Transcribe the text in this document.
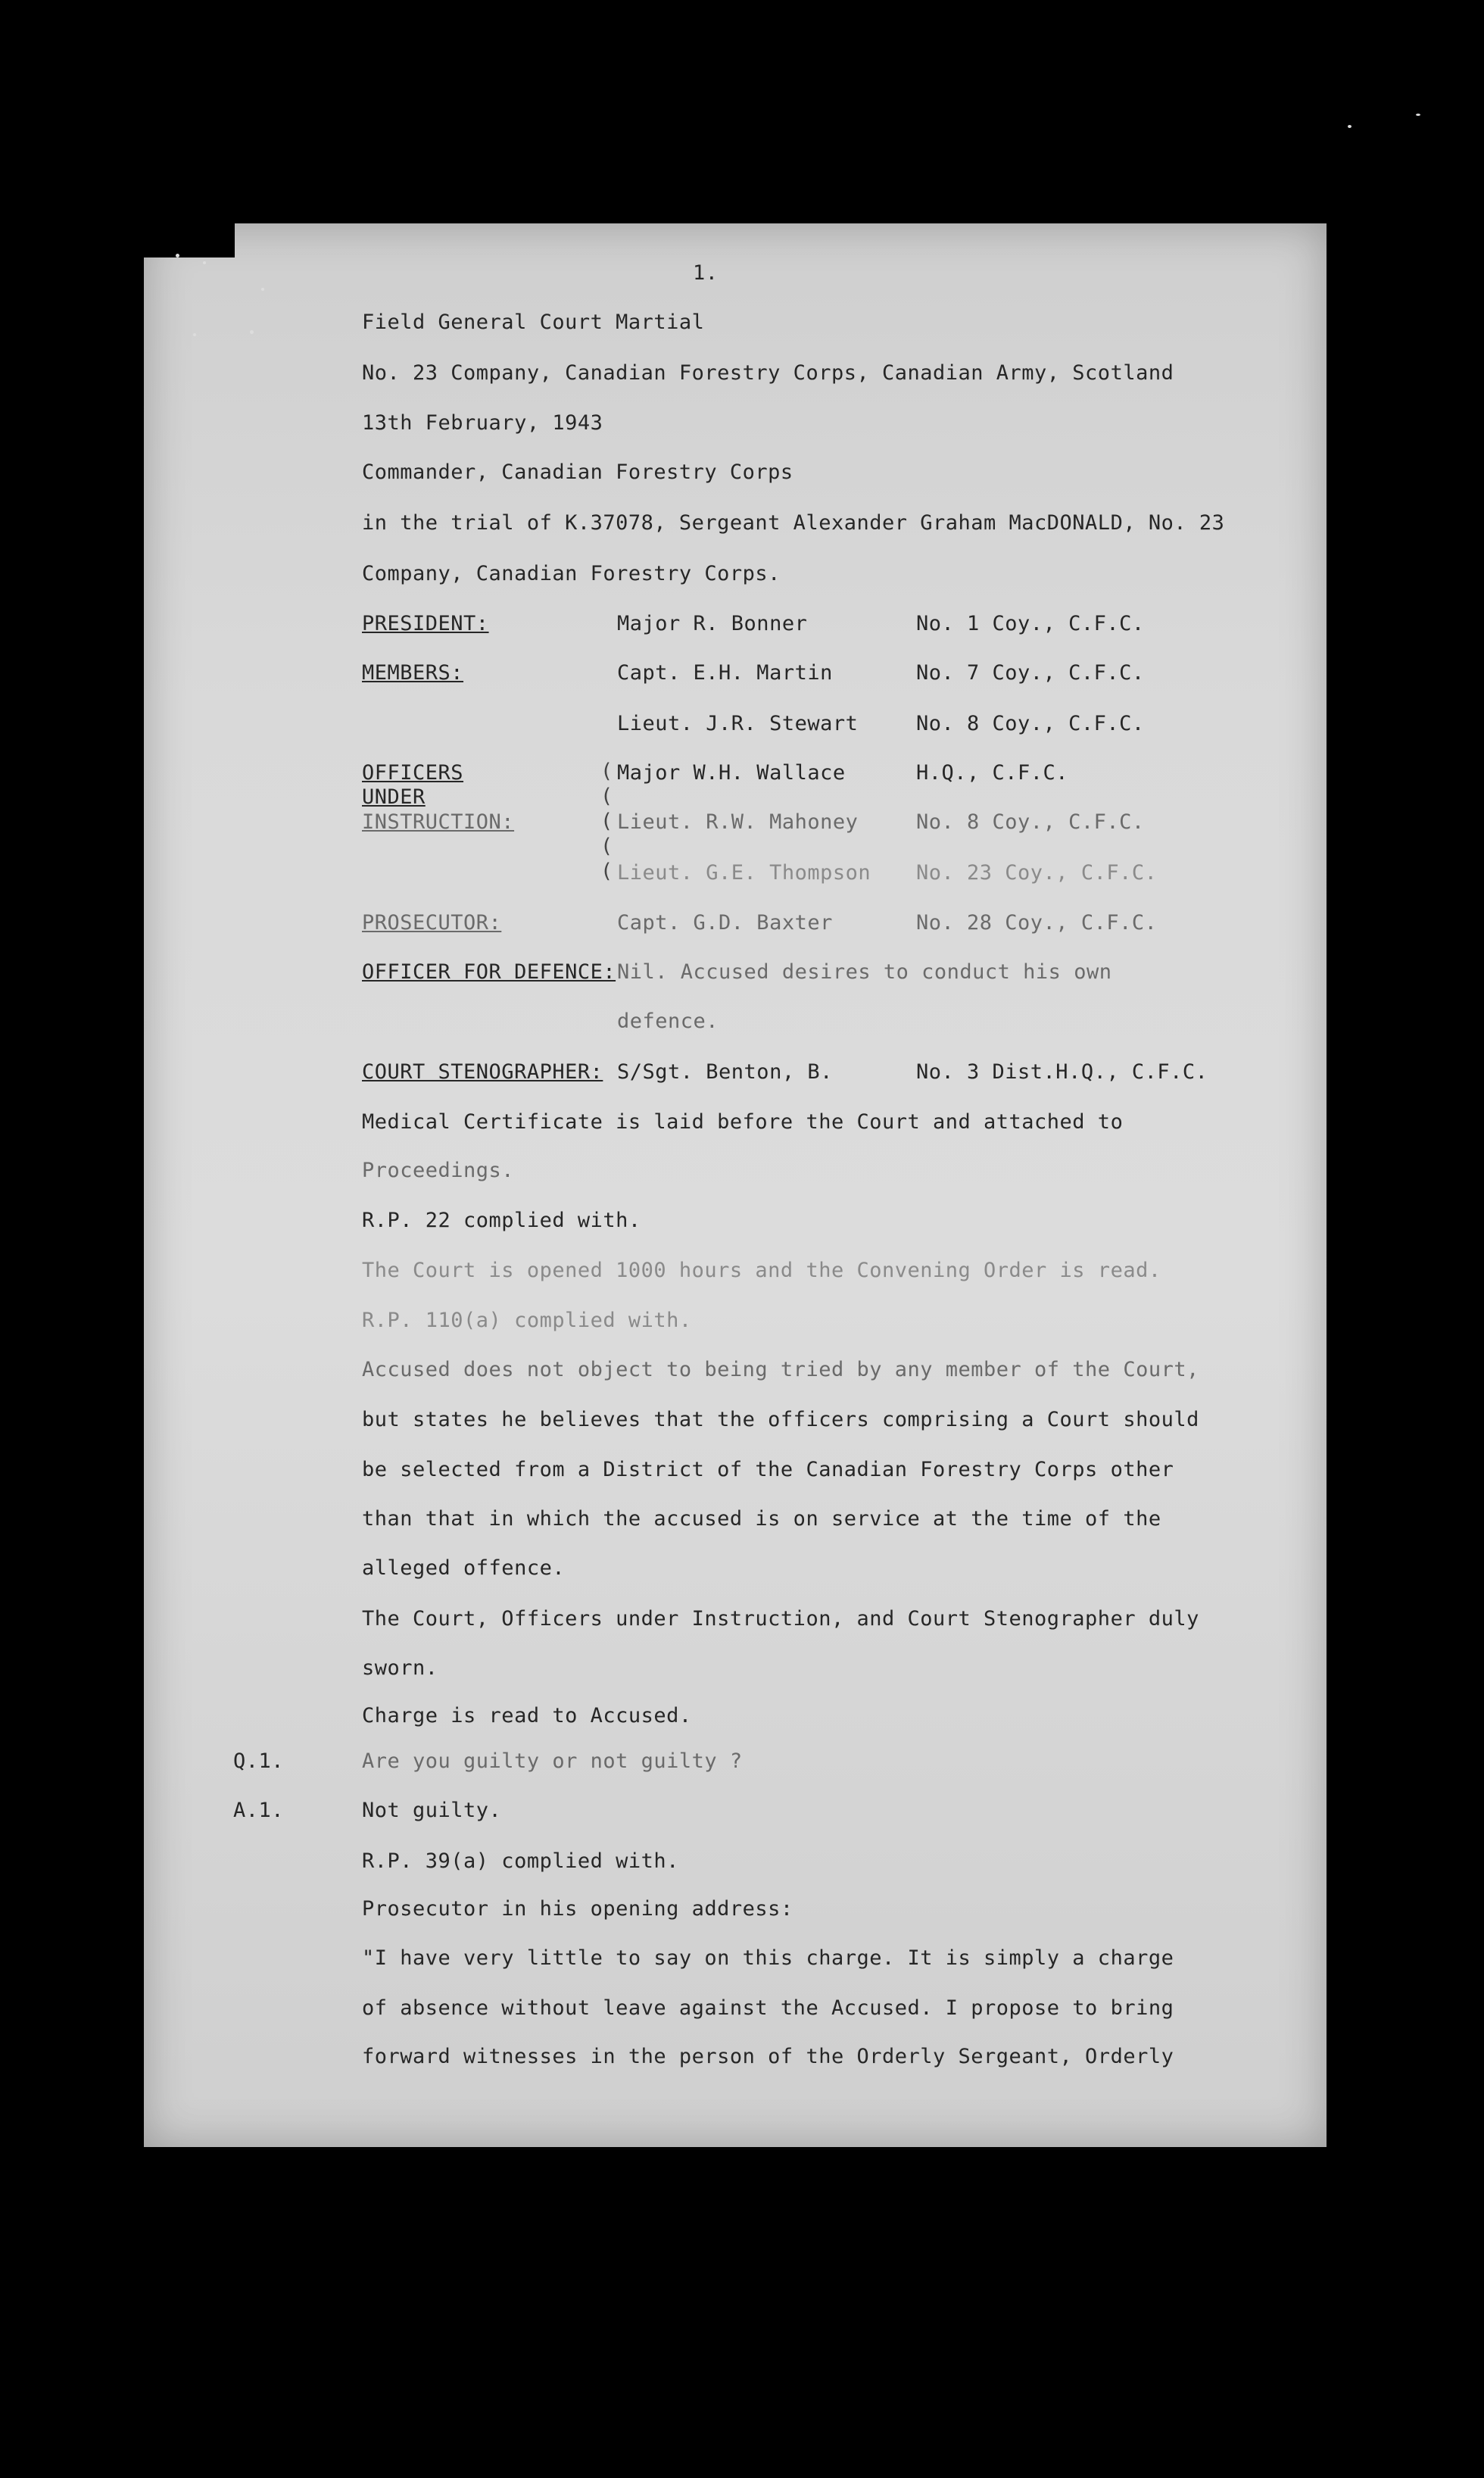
1.
Field General Court Martial
No. 23 Company, Canadian Forestry Corps, Canadian Army, Scotland
13th February, 1943
Commander, Canadian Forestry Corps
in the trial of K.37078, Sergeant Alexander Graham MacDONALD, No. 23
Company, Canadian Forestry Corps.
PRESIDENT:	Major R. Bonner	No. 1 Coy., C.F.C.
MEMBERS:	Capt. E.H. Martin	No. 7 Coy., C.F.C.
Lieut. J.R. Stewart	No. 8 Coy., C.F.C.
OFFICERS
UNDER
INSTRUCTION:
(
(
(
(
(
Major W.H. Wallace	H.Q., C.F.C.
Lieut. R.W. Mahoney	No. 8 Coy., C.F.C.
Lieut. G.E. Thompson No. 23 Coy., C.F.C.
PROSECUTOR:	Capt. G.D. Baxter	No. 28 Coy., C.F.C.
OFFICER FOR DEFENCE: Nil. Accused desires to conduct his own
defence.
COURT STENOGRAPHER: S/Sgt. Benton, B.	No. 3 Dist.H.Q., C.F.C.
Medical Certificate is laid before the Court and attached to
Proceedings.
R.P. 22 complied with.
The Court is opened 1000 hours and the Convening Order is read.
R.P. 110(a) complied with.
Accused does not object to being tried by any member of the Court,
but states he believes that the officers comprising a Court should
be selected from a District of the Canadian Forestry Corps other
than that in which the accused is on service at the time of the
alleged offence.
The Court, Officers under Instruction, and Court Stenographer duly
sworn.
Charge is read to Accused.
Q.1.	Are you guilty or not guilty ?
A.1.	Not guilty.
R.P. 39(a) complied with.
Prosecutor in his opening address:
"I have very little to say on this charge. It is simply a charge
of absence without leave against the Accused. I propose to bring
forward witnesses in the person of the Orderly Sergeant, Orderly
